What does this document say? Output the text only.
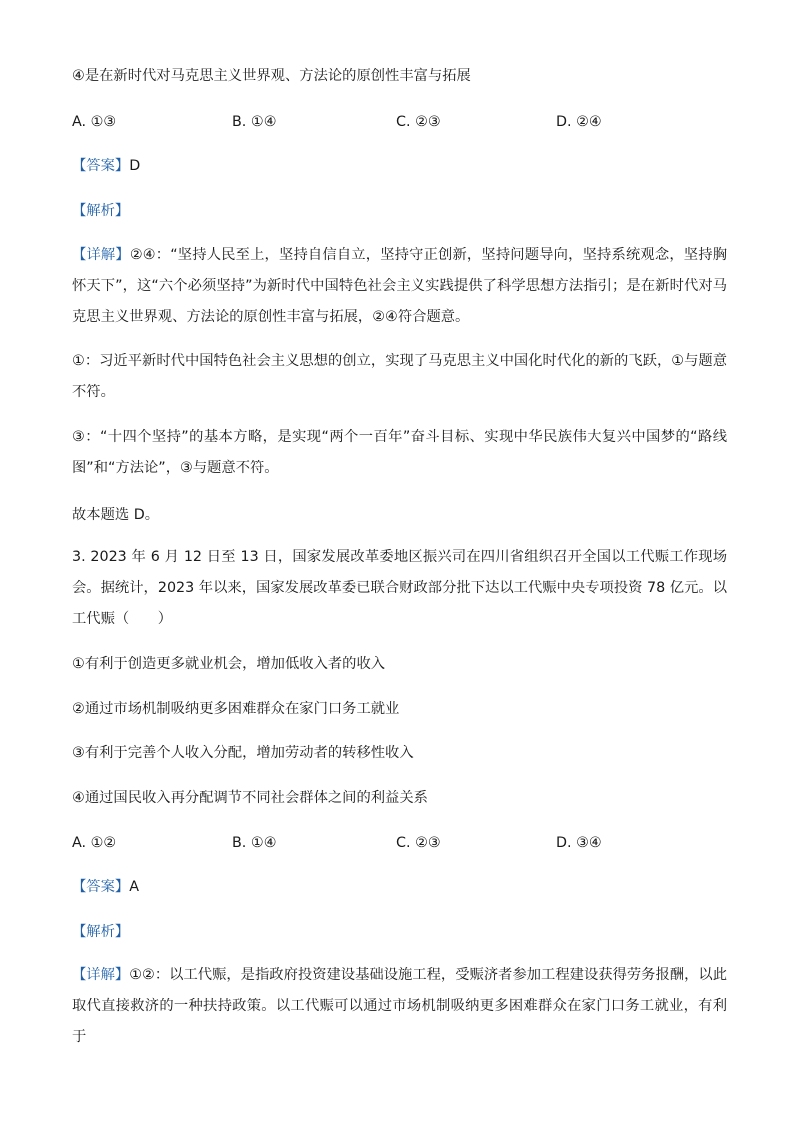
④是在新时代对马克思主义世界观、方法论的原创性丰富与拓展
A. ①③	B. ①④	C. ②③	D. ②④
【答案】D
【解析】
【详解】②④：“坚持人民至上，坚持自信自立，坚持守正创新，坚持问题导向，坚持系统观念，坚持胸怀天下”，这“六个必须坚持”为新时代中国特色社会主义实践提供了科学思想方法指引；是在新时代对马克思主义世界观、方法论的原创性丰富与拓展，②④符合题意。
①：习近平新时代中国特色社会主义思想的创立，实现了马克思主义中国化时代化的新的飞跃，①与题意不符。
③：“十四个坚持”的基本方略，是实现“两个一百年”奋斗目标、实现中华民族伟大复兴中国梦的“路线图”和“方法论”，③与题意不符。
故本题选 D。
3. 2023 年 6 月 12 日至 13 日，国家发展改革委地区振兴司在四川省组织召开全国以工代赈工作现场会。据统计，2023 年以来，国家发展改革委已联合财政部分批下达以工代赈中央专项投资 78 亿元。以工代赈（　　）
①有利于创造更多就业机会，增加低收入者的收入
②通过市场机制吸纳更多困难群众在家门口务工就业
③有利于完善个人收入分配，增加劳动者的转移性收入
④通过国民收入再分配调节不同社会群体之间的利益关系
A. ①②	B. ①④	C. ②③	D. ③④
【答案】A
【解析】
【详解】①②：以工代赈，是指政府投资建设基础设施工程，受赈济者参加工程建设获得劳务报酬，以此取代直接救济的一种扶持政策。以工代赈可以通过市场机制吸纳更多困难群众在家门口务工就业，有利于
